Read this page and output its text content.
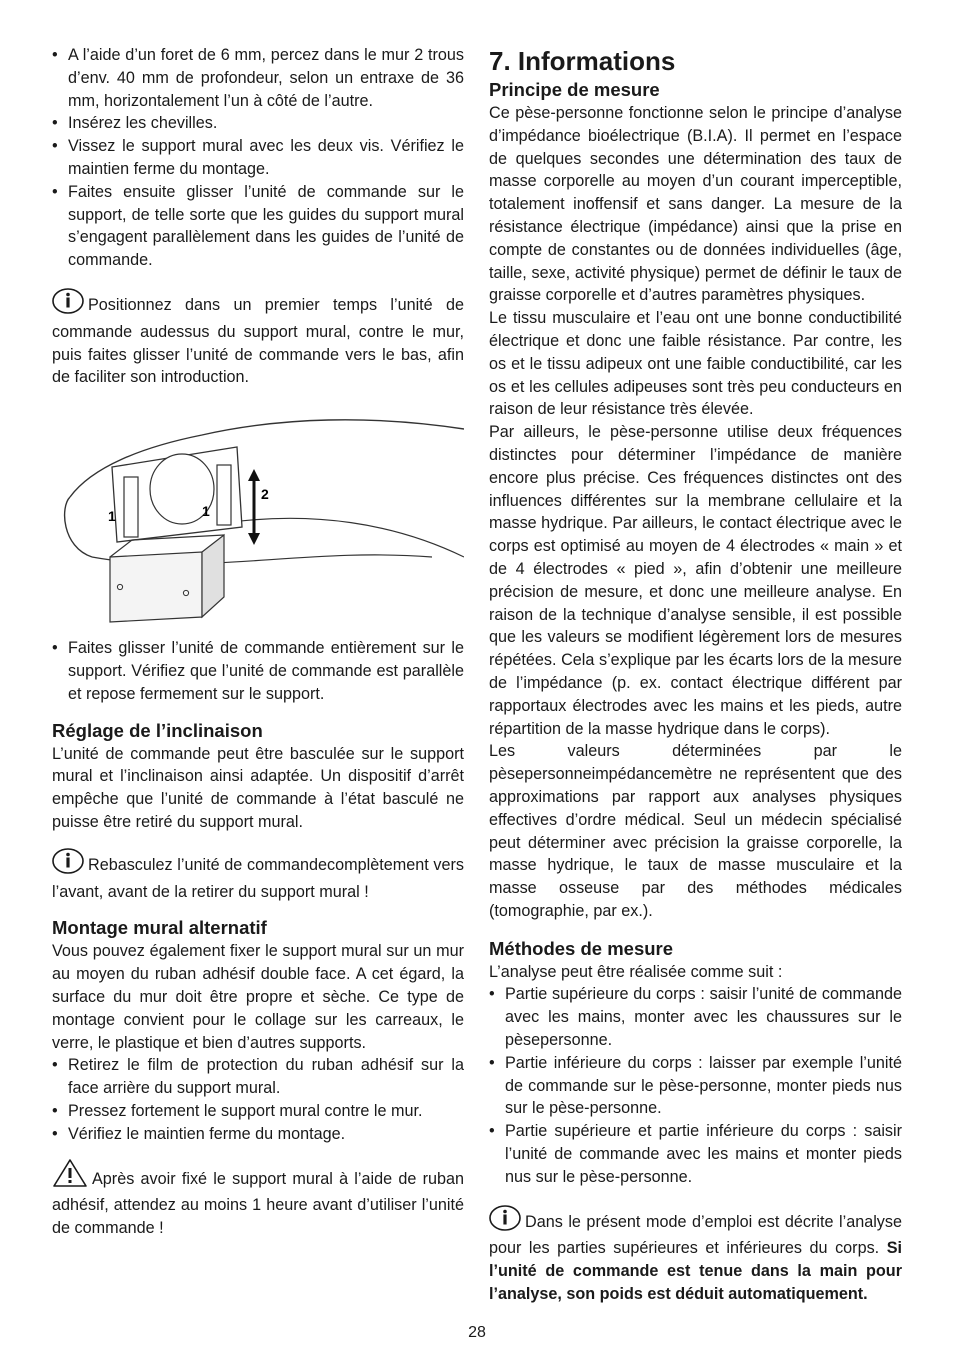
• A l’aide d’un foret de 6 mm, percez dans le mur 2 trous d’env. 40 mm de profondeur, selon un entraxe de 36 mm, horizontalement l’un à côté de l’autre.
• Insérez les chevilles.
• Vissez le support mural avec les deux vis. Vérifiez le maintien ferme du montage.
• Faites ensuite glisser l’unité de commande sur le support, de telle sorte que les guides du support mural s’engagent parallèlement dans les guides de l’unité de commande.

Positionnez dans un premier temps l’unité de commande audessus du support mural, contre le mur, puis faites glisser l’unité de commande vers le bas, afin de faciliter son introduction.

1	1
2
• Faites glisser l’unité de commande entièrement sur le support. Vérifiez que l’unité de commande est parallèle et repose fermement sur le support.
Réglage de l’inclinaison

L’unité de commande peut être basculée sur le support mural et l’inclinaison ainsi adaptée. Un dispositif d’arrêt empêche que l’unité de commande à l’état basculé ne puisse être retiré du support mural.

Rebasculez l’unité de commandecomplètement vers l’avant, avant de la retirer du support mural !

Montage mural alternatif

Vous pouvez également fixer le support mural sur un mur au moyen du ruban adhésif double face. A cet égard, la surface du mur doit être propre et sèche. Ce type de montage convient pour le collage sur les carreaux, le verre, le plastique et bien d’autres supports.

• Retirez le film de protection du ruban adhésif sur la face arrière du support mural.
• Pressez fortement le support mural contre le mur.
• Vérifiez le maintien ferme du montage.

Après avoir fixé le support mural à l’aide de ruban adhésif, attendez au moins 1 heure avant d’utiliser l’unité de commande !

7. Informations
Principe de mesure

Ce pèse-personne fonctionne selon le principe d’analyse d’impédance bioélectrique (B.I.A). Il permet en l’espace de quelques secondes une détermination des taux de masse corporelle au moyen d’un courant imperceptible, totalement inoffensif et sans danger. La mesure de la résistance électrique (impédance) ainsi que la prise en compte de constantes ou de données individuelles (âge, taille, sexe, activité physique) permet de définir le taux de graisse corporelle et d’autres paramètres physiques.

Le tissu musculaire et l’eau ont une bonne conductibilité électrique et donc une faible résistance. Par contre, les os et le tissu adipeux ont une faible conductibilité, car les os et les cellules adipeuses sont très peu conducteurs en raison de leur résistance très élevée.

Par ailleurs, le pèse-personne utilise deux fréquences distinctes pour déterminer l’impédance de manière encore plus précise. Ces fréquences distinctes ont des influences différentes sur la membrane cellulaire et la masse hydrique. Par ailleurs, le contact électrique avec le corps est optimisé au moyen de 4 électrodes « main » et de 4 électrodes « pied », afin d’obtenir une meilleure précision de mesure, et donc une meilleure analyse. En raison de la technique d’analyse sensible, il est possible que les valeurs se modifient légèrement lors de mesures répétées. Cela s’explique par les écarts lors de la mesure de l’impédance (p. ex. contact électrique différent par rapportaux électrodes avec les mains et les pieds, autre répartition de la masse hydrique dans le corps).

Les valeurs déterminées par le pèsepersonneimpédancemètre ne représentent que des approximations par rapport aux analyses physiques effectives d’ordre médical. Seul un médecin spécialisé peut déterminer avec précision la graisse corporelle, la masse hydrique, le taux de masse musculaire et la masse osseuse par des méthodes médicales (tomographie, par ex.).

Méthodes de mesure

L’analyse peut être réalisée comme suit :

• Partie supérieure du corps : saisir l’unité de commande avec les mains, monter avec les chaussures sur le pèsepersonne.
• Partie inférieure du corps : laisser par exemple l’unité de commande sur le pèse-personne, monter pieds nus sur le pèse-personne.
• Partie supérieure et partie inférieure du corps : saisir l’unité de commande avec les mains et monter pieds nus sur le pèse-personne.

Dans le présent mode d’emploi est décrite l’analyse pour les parties supérieures et inférieures du corps. Si l’unité de commande est tenue dans la main pour l’analyse, son poids est déduit automatiquement.

28
